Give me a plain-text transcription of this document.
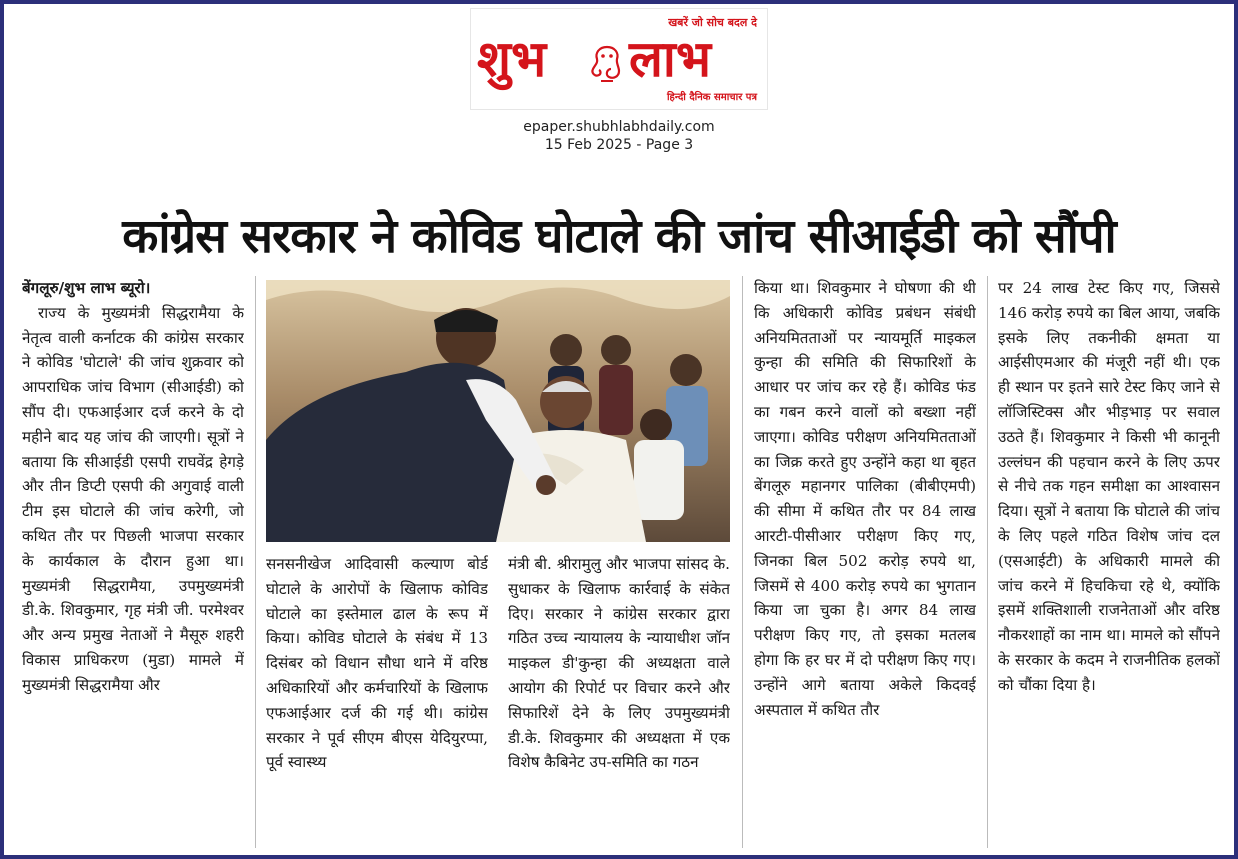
खबरें जो सोच बदल दे
शुभ लाभ
हिन्दी दैनिक समाचार पत्र
epaper.shubhlabhdaily.com
15 Feb 2025 - Page 3
कांग्रेस सरकार ने कोविड घोटाले की जांच सीआईडी को सौंपी

बेंगलूरु/शुभ लाभ ब्यूरो।

राज्य के मुख्यमंत्री सिद्धरामैया के नेतृत्व वाली कर्नाटक की कांग्रेस सरकार ने कोविड 'घोटाले' की जांच शुक्रवार को आपराधिक जांच विभाग (सीआईडी) को सौंप दी। एफआईआर दर्ज करने के दो महीने बाद यह जांच की जाएगी। सूत्रों ने बताया कि सीआईडी एसपी राघवेंद्र हेगड़े और तीन डिप्टी एसपी की अगुवाई वाली टीम इस घोटाले की जांच करेगी, जो कथित तौर पर पिछली भाजपा सरकार के कार्यकाल के दौरान हुआ था। मुख्यमंत्री सिद्धरामैया, उपमुख्यमंत्री डी.के. शिवकुमार, गृह मंत्री जी. परमेश्वर और अन्य प्रमुख नेताओं ने मैसूरु शहरी विकास प्राधिकरण (मुडा) मामले में मुख्यमंत्री सिद्धरामैया और

सनसनीखेज आदिवासी कल्याण बोर्ड घोटाले के आरोपों के खिलाफ कोविड घोटाले का इस्तेमाल ढाल के रूप में किया। कोविड घोटाले के संबंध में 13 दिसंबर को विधान सौधा थाने में वरिष्ठ अधिकारियों और कर्मचारियों के खिलाफ एफआईआर दर्ज की गई थी। कांग्रेस सरकार ने पूर्व सीएम बीएस येदियुरप्पा, पूर्व स्वास्थ्य

मंत्री बी. श्रीरामुलु और भाजपा सांसद के. सुधाकर के खिलाफ कार्रवाई के संकेत दिए। सरकार ने कांग्रेस सरकार द्वारा गठित उच्च न्यायालय के न्यायाधीश जॉन माइकल डी'कुन्हा की अध्यक्षता वाले आयोग की रिपोर्ट पर विचार करने और सिफारिशें देने के लिए उपमुख्यमंत्री डी.के. शिवकुमार की अध्यक्षता में एक विशेष कैबिनेट उप-समिति का गठन

किया था। शिवकुमार ने घोषणा की थी कि अधिकारी कोविड प्रबंधन संबंधी अनियमितताओं पर न्यायमूर्ति माइकल कुन्हा की समिति की सिफारिशों के आधार पर जांच कर रहे हैं। कोविड फंड का गबन करने वालों को बख्शा नहीं जाएगा। कोविड परीक्षण अनियमितताओं का जिक्र करते हुए उन्होंने कहा था बृहत बेंगलूरु महानगर पालिका (बीबीएमपी) की सीमा में कथित तौर पर 84 लाख आरटी-पीसीआर परीक्षण किए गए, जिनका बिल 502 करोड़ रुपये था, जिसमें से 400 करोड़ रुपये का भुगतान किया जा चुका है। अगर 84 लाख परीक्षण किए गए, तो इसका मतलब होगा कि हर घर में दो परीक्षण किए गए। उन्होंने आगे बताया अकेले किदवई अस्पताल में कथित तौर

पर 24 लाख टेस्ट किए गए, जिससे 146 करोड़ रुपये का बिल आया, जबकि इसके लिए तकनीकी क्षमता या आईसीएमआर की मंजूरी नहीं थी। एक ही स्थान पर इतने सारे टेस्ट किए जाने से लॉजिस्टिक्स और भीड़भाड़ पर सवाल उठते हैं। शिवकुमार ने किसी भी कानूनी उल्लंघन की पहचान करने के लिए ऊपर से नीचे तक गहन समीक्षा का आश्वासन दिया। सूत्रों ने बताया कि घोटाले की जांच के लिए पहले गठित विशेष जांच दल (एसआईटी) के अधिकारी मामले की जांच करने में हिचकिचा रहे थे, क्योंकि इसमें शक्तिशाली राजनेताओं और वरिष्ठ नौकरशाहों का नाम था। मामले को सौंपने के सरकार के कदम ने राजनीतिक हलकों को चौंका दिया है।
